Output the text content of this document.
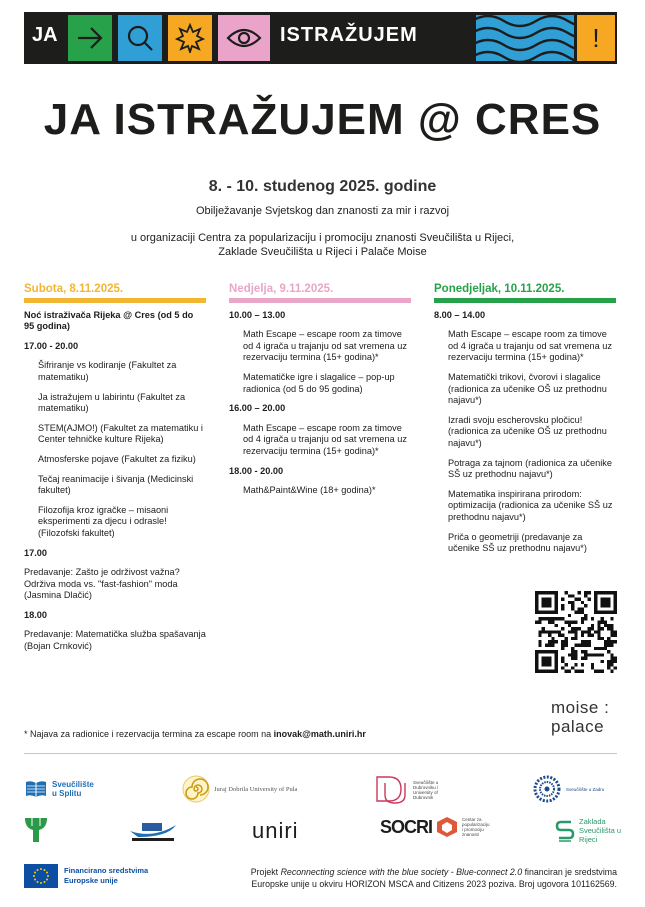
JA	ISTRAŽUJEM	!
JA ISTRAŽUJEM @ CRES
8. - 10. studenog 2025. godine
Obilježavanje Svjetskog dan znanosti za mir i razvoj
u organizaciji Centra za popularizaciju i promociju znanosti Sveučilišta u Rijeci,
Zaklade Sveučilišta u Rijeci i Palače Moise
Subota, 8.11.2025.
Noć istraživača Rijeka @ Cres (od 5 do 95 godina)
17.00 - 20.00
Šifriranje vs kodiranje (Fakultet za matematiku)
Ja istražujem u labirintu (Fakultet za matematiku)
STEM(AJMO!) (Fakultet za matematiku i Center tehničke kulture Rijeka)
Atmosferske pojave (Fakultet za fiziku)
Tečaj reanimacije i šivanja (Medicinski fakultet)
Filozofija kroz igračke – misaoni eksperimenti za djecu i odrasle! (Filozofski fakultet)
17.00
Predavanje: Zašto je održivost važna? Održiva moda vs. "fast-fashion" moda (Jasmina Dlačić)
18.00
Predavanje: Matematička služba spašavanja (Bojan Crnković)
Nedjelja, 9.11.2025.
10.00 – 13.00
Math Escape – escape room za timove od 4 igrača u trajanju od sat vremena uz rezervaciju termina (15+ godina)*
Matematičke igre i slagalice – pop-up radionica (od 5 do 95 godina)
16.00 – 20.00
Math Escape – escape room za timove od 4 igrača u trajanju od sat vremena uz rezervaciju termina (15+ godina)*
18.00 - 20.00
Math&Paint&Wine (18+ godina)*
Ponedjeljak, 10.11.2025.
8.00 – 14.00
Math Escape – escape room za timove od 4 igrača u trajanju od sat vremena uz rezervaciju termina (15+ godina)*
Matematički trikovi, čvorovi i slagalice (radionica za učenike OŠ uz prethodnu najavu*)
Izradi svoju escherovsku pločicu! (radionica za učenike OŠ uz prethodnu najavu*)
Potraga za tajnom (radionica za učenike SŠ uz prethodnu najavu*)
Matematika inspirirana prirodom: optimizacija (radionica za učenike SŠ uz prethodnu najavu*)
Priča o geometriji (predavanje za učenike SŠ uz prethodnu najavu*)
moise :
palace
* Najava za radionice i rezervacija termina za escape room na inovak@math.uniri.hr
Sveučilište u Splitu	Juraj Dobrila University of Pula
Sveučilište u Dubrovniku / University of Dubrovnik
Sveučilište u Zadru
uniri	SOCRI	Centar za popularizaciju i promociju znanosti
Zaklada Sveučilišta u Rijeci
Financirano sredstvima
Europske unije
Projekt Reconnecting science with the blue society - Blue-connect 2.0 financiran je sredstvima
Europske unije u okviru HORIZON MSCA and Citizens 2023 poziva. Broj ugovora 101162569.
